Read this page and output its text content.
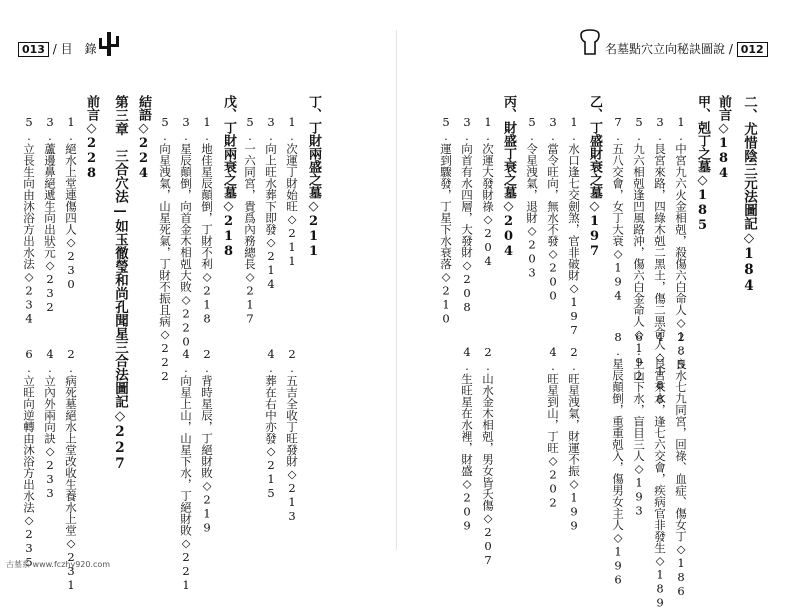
013 / 目　錄
丁、丁財兩盛之墓◇211
1.次運丁財始旺◇211
2.五吉全收丁旺發財◇213
3.向上旺水葬下即發◇214
4.葬在右中亦發◇215
5.一六同宮，貴爲內務總長◇217
戊、丁財兩衰之墓◇218
1.地佳星辰顛倒，丁財不利◇218
2.背時星辰，丁絕財敗◇219
3.星辰顛倒，向首金木相剋大敗◇220
4.向星上山，山星下水，丁絕財敗◇221
5.向星洩氣，山星死氣，丁財不振且病◇222
結語◇224
第三章　三合穴法—如玉徹瑩和尚孔聞星三合法圖記◇227
前言◇228
1.絕水上堂連傷四人◇230
2.病死墓絕水上堂改收生養水上堂◇231
3.蘆邊鼻絕遞生向出狀元◇232
4.立內外兩向訣◇233
5.立長生向由沐浴方出水法◇234
6.立旺向逆轉由沐浴方出水法◇235
名墓點穴立向秘訣圖說 / 012
二、尤惜陰三元法圖記◇184
前言◇184
甲、剋丁之墓◇185
1.中宮九六火金相剋，殺傷六白命人◇185
2.良水七九同宮，回祿、血症、傷女丁◇186
3.艮宮來路，四綠木剋二黑土，傷二黑命人◇188
4.艮宮來水，逢七六交會，疾病官非發生◇189
5.九六相剋逢凹風路沖，傷六白金命人◇192
6.上山下水，盲目三人◇193
7.五八交會，女丁大衰◇194
8.星辰顛倒，重重剋入，傷男女主人◇196
乙、丁盛財衰之墓◇197
1.水口逢七交劍煞，官非破財◇197
2.旺星洩氣，財運不振◇199
3.當令旺向，無水不發◇200
4.旺星到山，丁旺◇202
5.令星洩氣，退財◇203
丙、財盛丁衰之墓◇204
1.次運大發財祿◇204
2.山水金木相剋，男女皆夭傷◇207
3.向首有水四層，大發財◇208
4.生旺星在水裡，財盛◇209
5.運到驟發，丁星下水衰落◇210
古墓系 www.fczhy920.com
